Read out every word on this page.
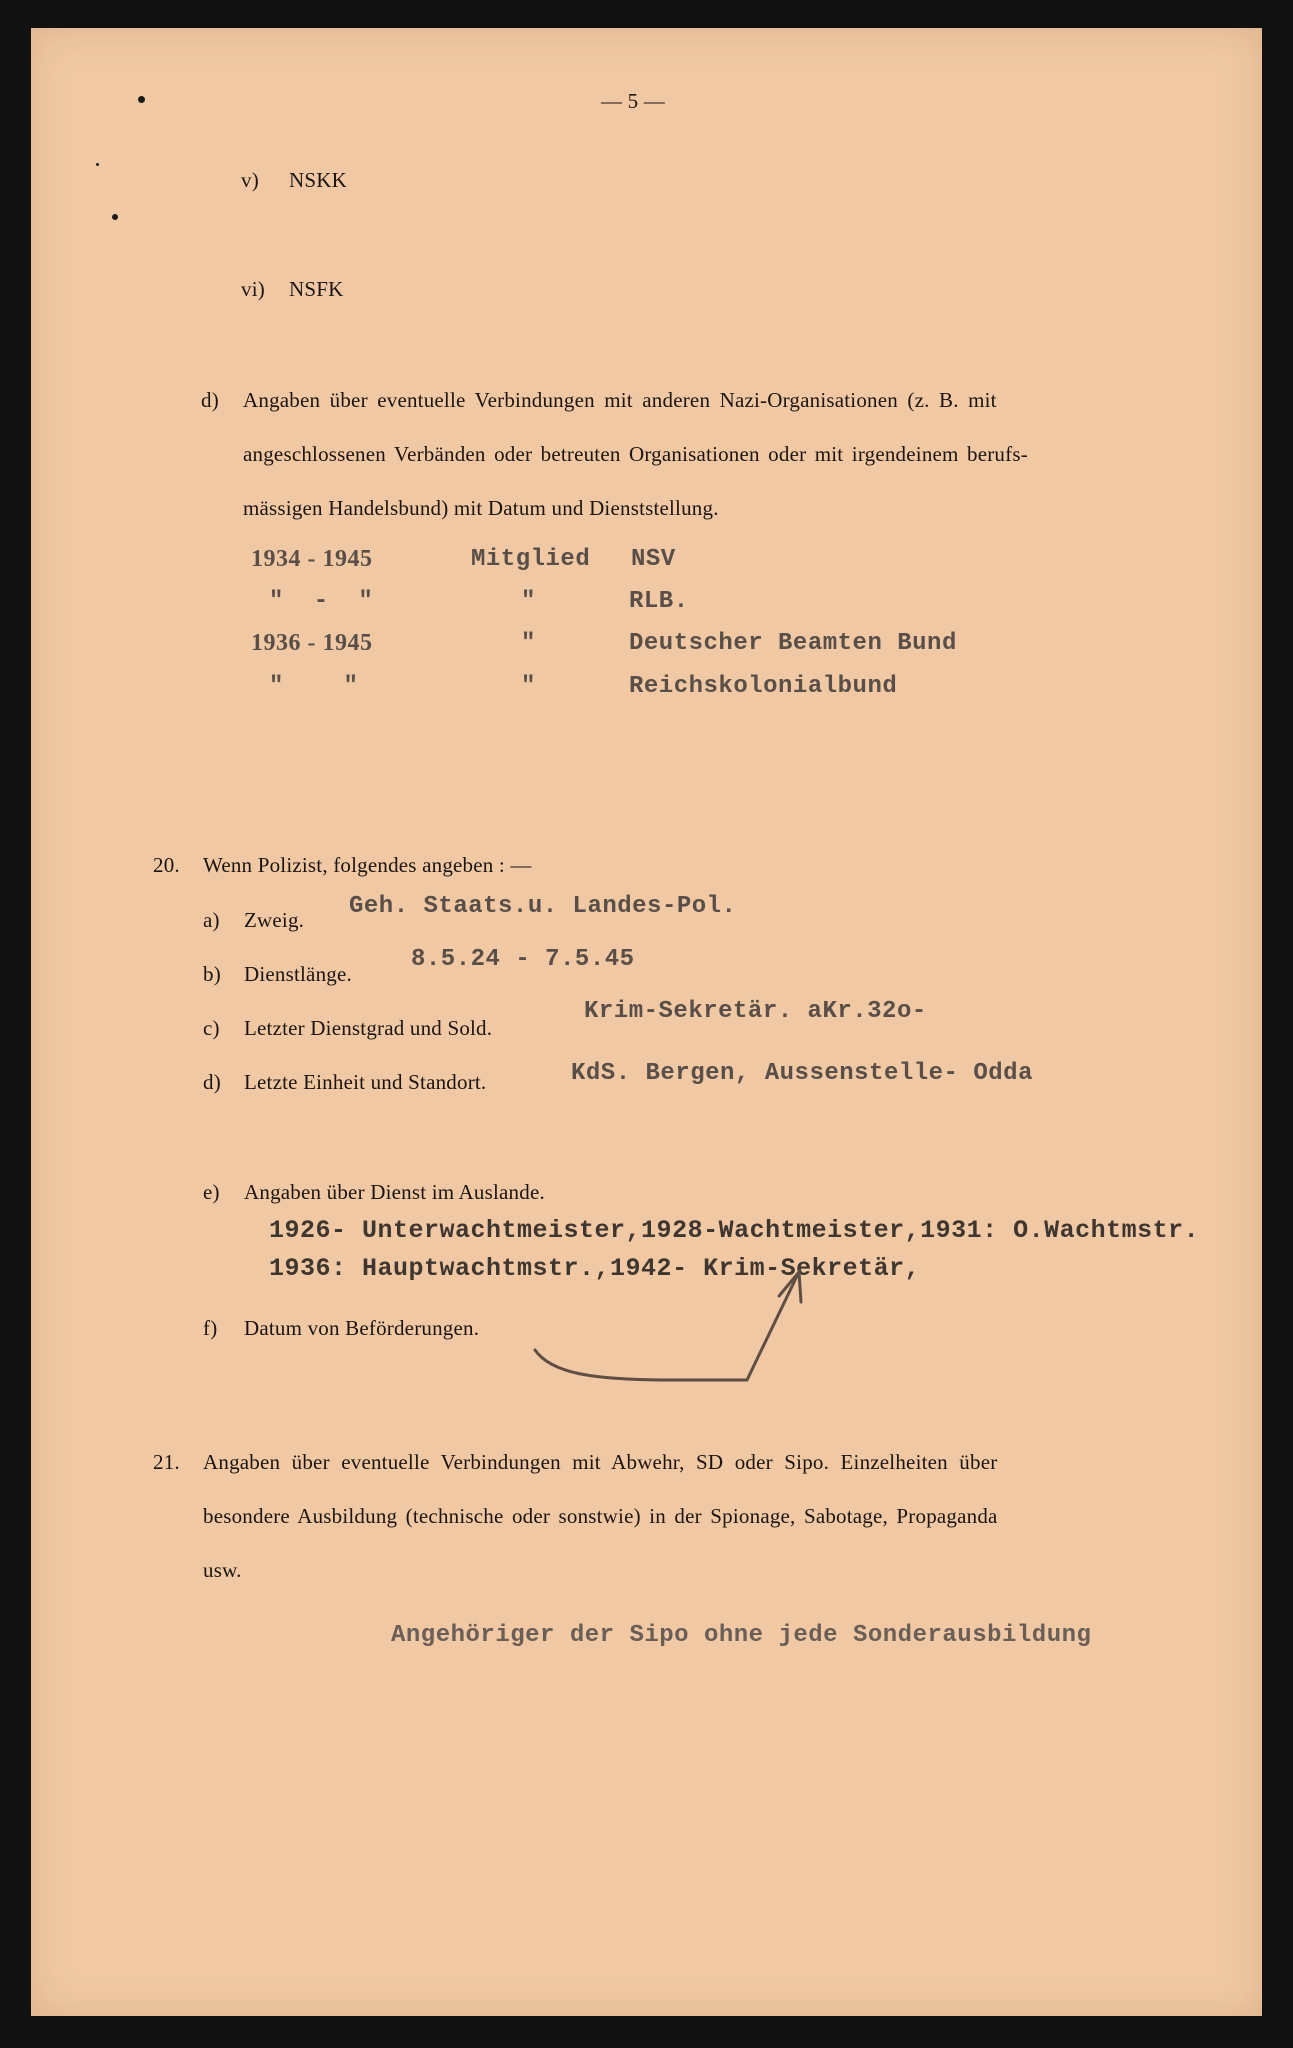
— 5 —
v) NSKK
vi) NSFK
d) Angaben über eventuelle Verbindungen mit anderen Nazi-Organisationen (z. B. mit
angeschlossenen Verbänden oder betreuten Organisationen oder mit irgendeinem berufs-
mässigen Handelsbund) mit Datum und Dienststellung.
1934 - 1945	Mitglied NSV
"  -  "	"	RLB.
1936 - 1945	"	Deutscher Beamten Bund
"    "	"	Reichskolonialbund
20. Wenn Polizist, folgendes angeben : —
a) Zweig. Geh. Staats.u. Landes-Pol.
b) Dienstlänge.
8.5.24 - 7.5.45
c) Letzter Dienstgrad und Sold.
Krim-Sekretär. aKr.32o-
d) Letzte Einheit und Standort.	KdS. Bergen, Aussenstelle- Odda
e) Angaben über Dienst im Auslande.
1926- Unterwachtmeister,1928-Wachtmeister,1931: O.Wachtmstr.
1936: Hauptwachtmstr.,1942- Krim-Sekretär,
f) Datum von Beförderungen.
21. Angaben über eventuelle Verbindungen mit Abwehr, SD oder Sipo. Einzelheiten über
besondere Ausbildung (technische oder sonstwie) in der Spionage, Sabotage, Propaganda
usw.
Angehöriger der Sipo ohne jede Sonderausbildung
